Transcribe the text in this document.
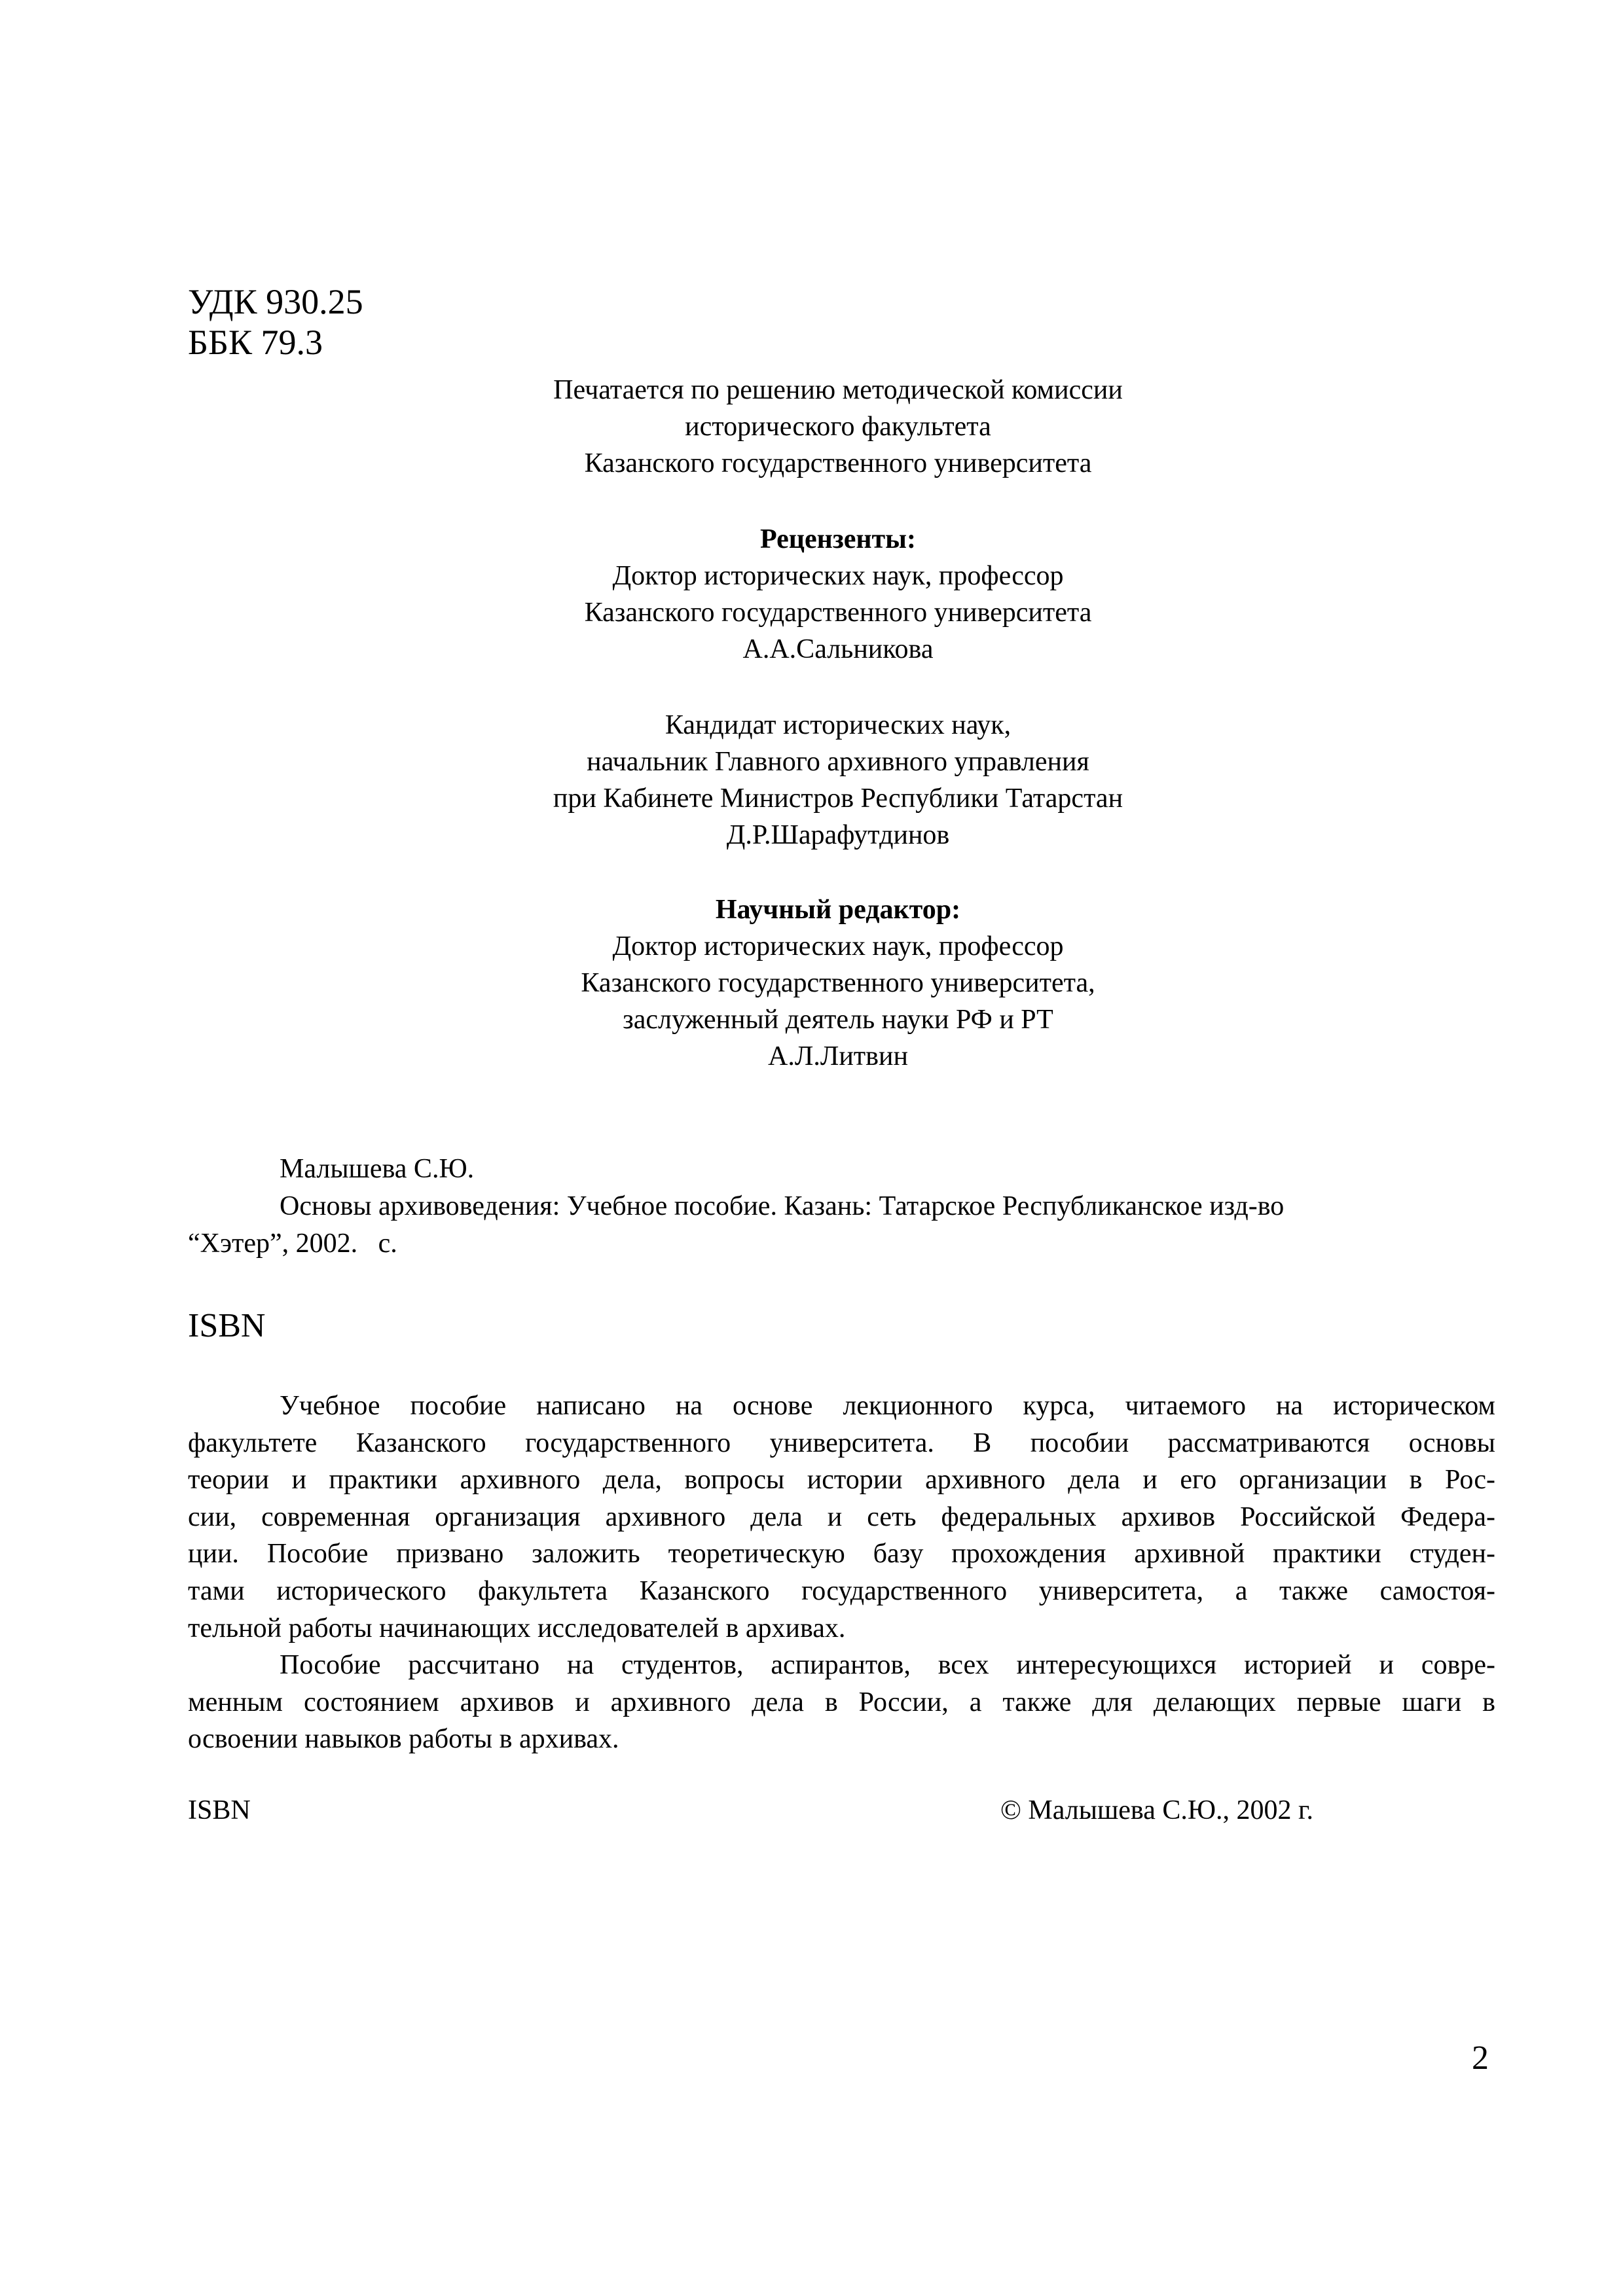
УДК 930.25
ББК 79.3
Печатается по решению методической комиссии
исторического факультета
Казанского государственного университета
Рецензенты:
Доктор исторических наук, профессор
Казанского государственного университета
А.А.Сальникова
Кандидат исторических наук,
начальник Главного архивного управления
при Кабинете Министров Республики Татарстан
Д.Р.Шарафутдинов
Научный редактор:
Доктор исторических наук, профессор
Казанского государственного университета,
заслуженный деятель науки РФ и РТ
А.Л.Литвин
Малышева С.Ю.
Основы архивоведения: Учебное пособие. Казань: Татарское Республиканское изд-во
“Хэтер”, 2002.   с.
ISBN
Учебное пособие написано на основе лекционного курса, читаемого на историческом
факультете Казанского государственного университета. В пособии рассматриваются основы
теории и практики архивного дела, вопросы истории архивного дела и его организации в Рос-
сии, современная организация архивного дела и сеть федеральных архивов Российской Федера-
ции. Пособие призвано заложить теоретическую базу прохождения архивной практики студен-
тами исторического факультета Казанского государственного университета, а также самостоя-
тельной работы начинающих исследователей в архивах.
Пособие рассчитано на студентов, аспирантов, всех интересующихся историей и совре-
менным состоянием архивов и архивного дела в России, а также для делающих первые шаги в
освоении навыков работы в архивах.
ISBN	© Малышева С.Ю., 2002 г.
2
